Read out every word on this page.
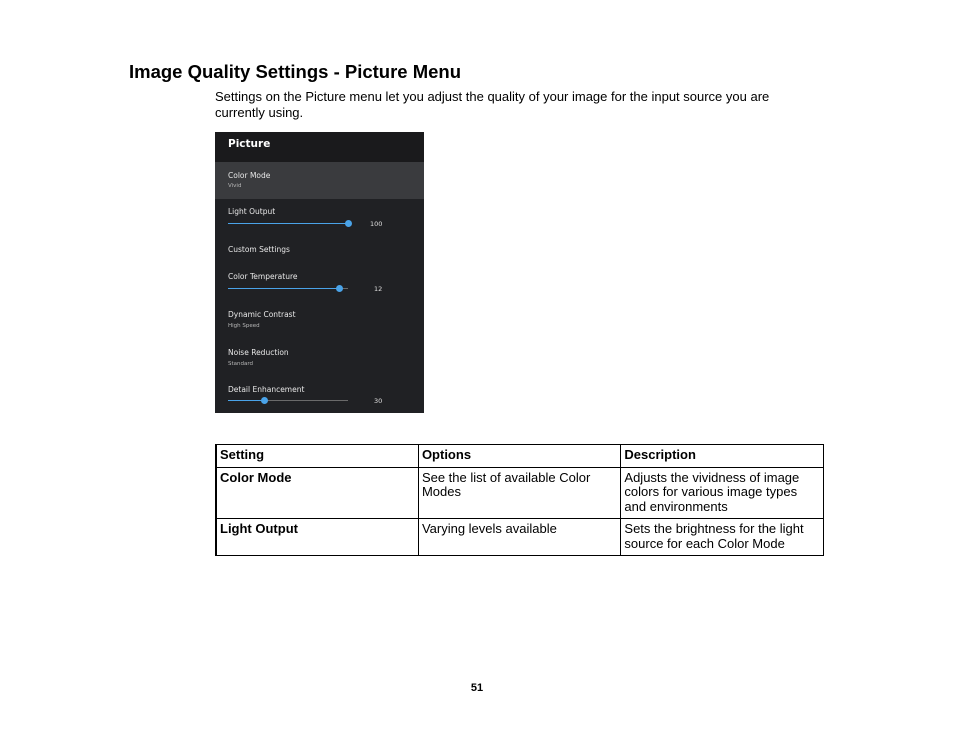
Image Quality Settings - Picture Menu
Settings on the Picture menu let you adjust the quality of your image for the input source you are currently using.
Picture
Color Mode
Vivid
Light Output
100
Custom Settings
Color Temperature
12
Dynamic Contrast
High Speed
Noise Reduction
Standard
Detail Enhancement
30
Setting	Options	Description
Color Mode	See the list of available Color Modes	Adjusts the vividness of image colors for various image types and environments
Light Output	Varying levels available	Sets the brightness for the light source for each Color Mode
51
